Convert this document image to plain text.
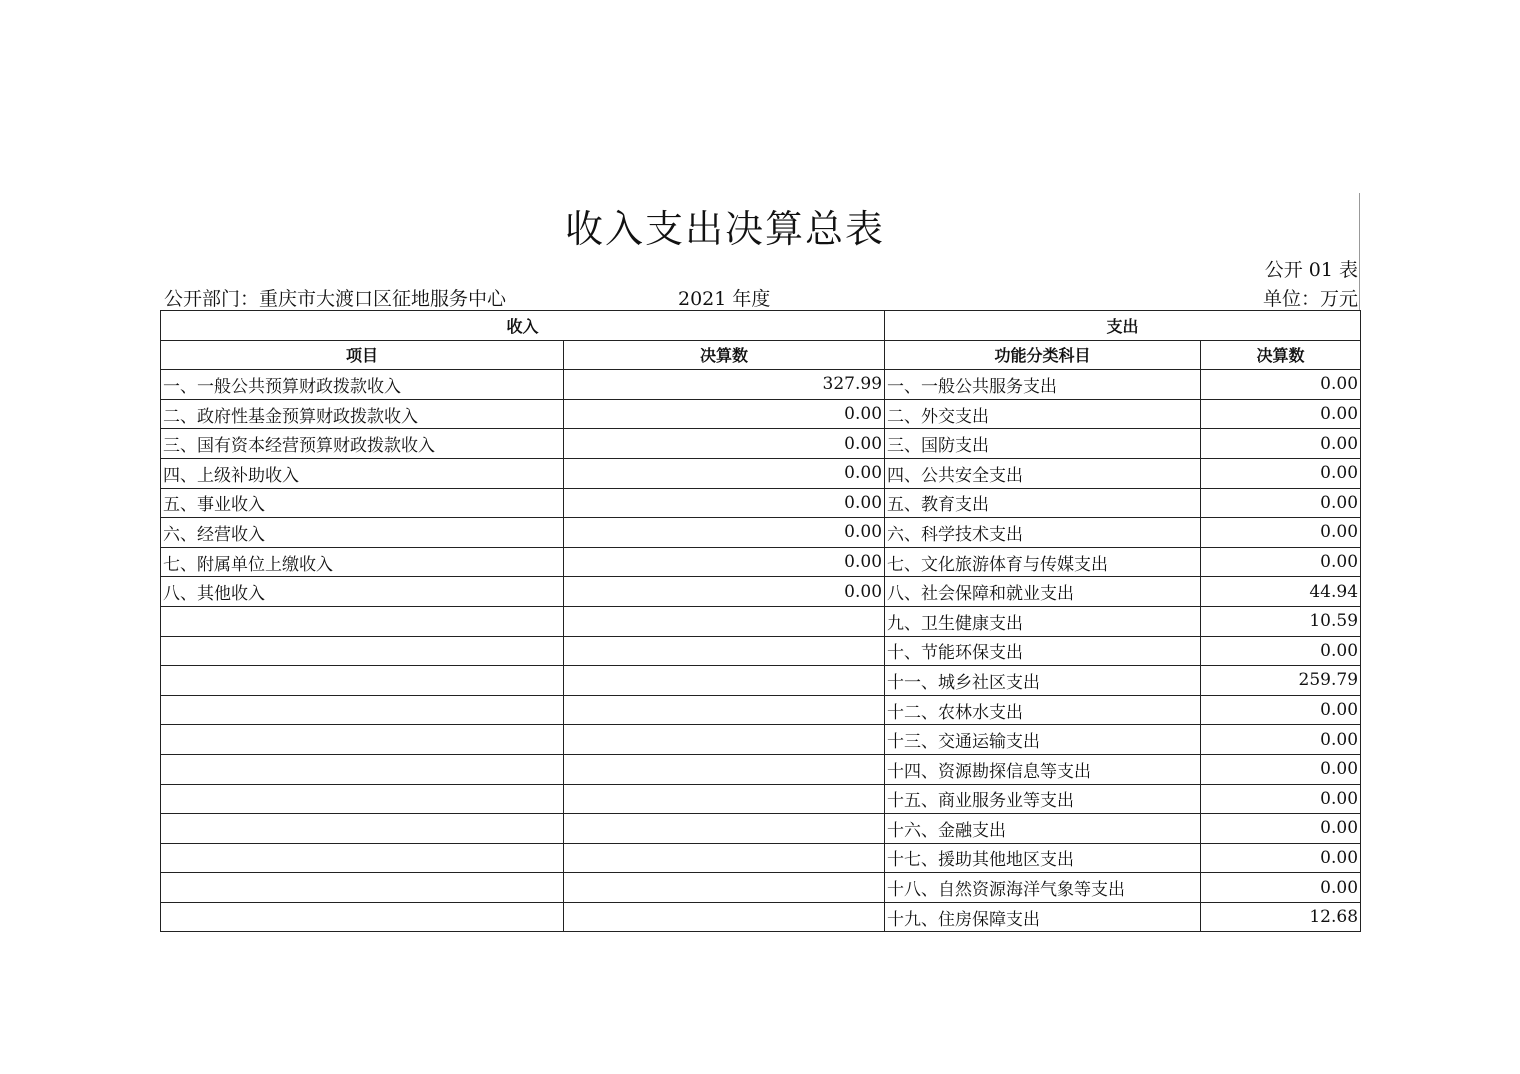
收入支出决算总表
公开 01 表
公开部门：重庆市大渡口区征地服务中心	2021 年度	单位：万元
收入		支出	
项目	决算数	功能分类科目	决算数
一、一般公共预算财政拨款收入	327.99	一、一般公共服务支出	0.00
二、政府性基金预算财政拨款收入	0.00	二、外交支出	0.00
三、国有资本经营预算财政拨款收入	0.00	三、国防支出	0.00
四、上级补助收入	0.00	四、公共安全支出	0.00
五、事业收入	0.00	五、教育支出	0.00
六、经营收入	0.00	六、科学技术支出	0.00
七、附属单位上缴收入	0.00	七、文化旅游体育与传媒支出	0.00
八、其他收入	0.00	八、社会保障和就业支出	44.94
		九、卫生健康支出	10.59
		十、节能环保支出	0.00
		十一、城乡社区支出	259.79
		十二、农林水支出	0.00
		十三、交通运输支出	0.00
		十四、资源勘探信息等支出	0.00
		十五、商业服务业等支出	0.00
		十六、金融支出	0.00
		十七、援助其他地区支出	0.00
		十八、自然资源海洋气象等支出	0.00
		十九、住房保障支出	12.68
